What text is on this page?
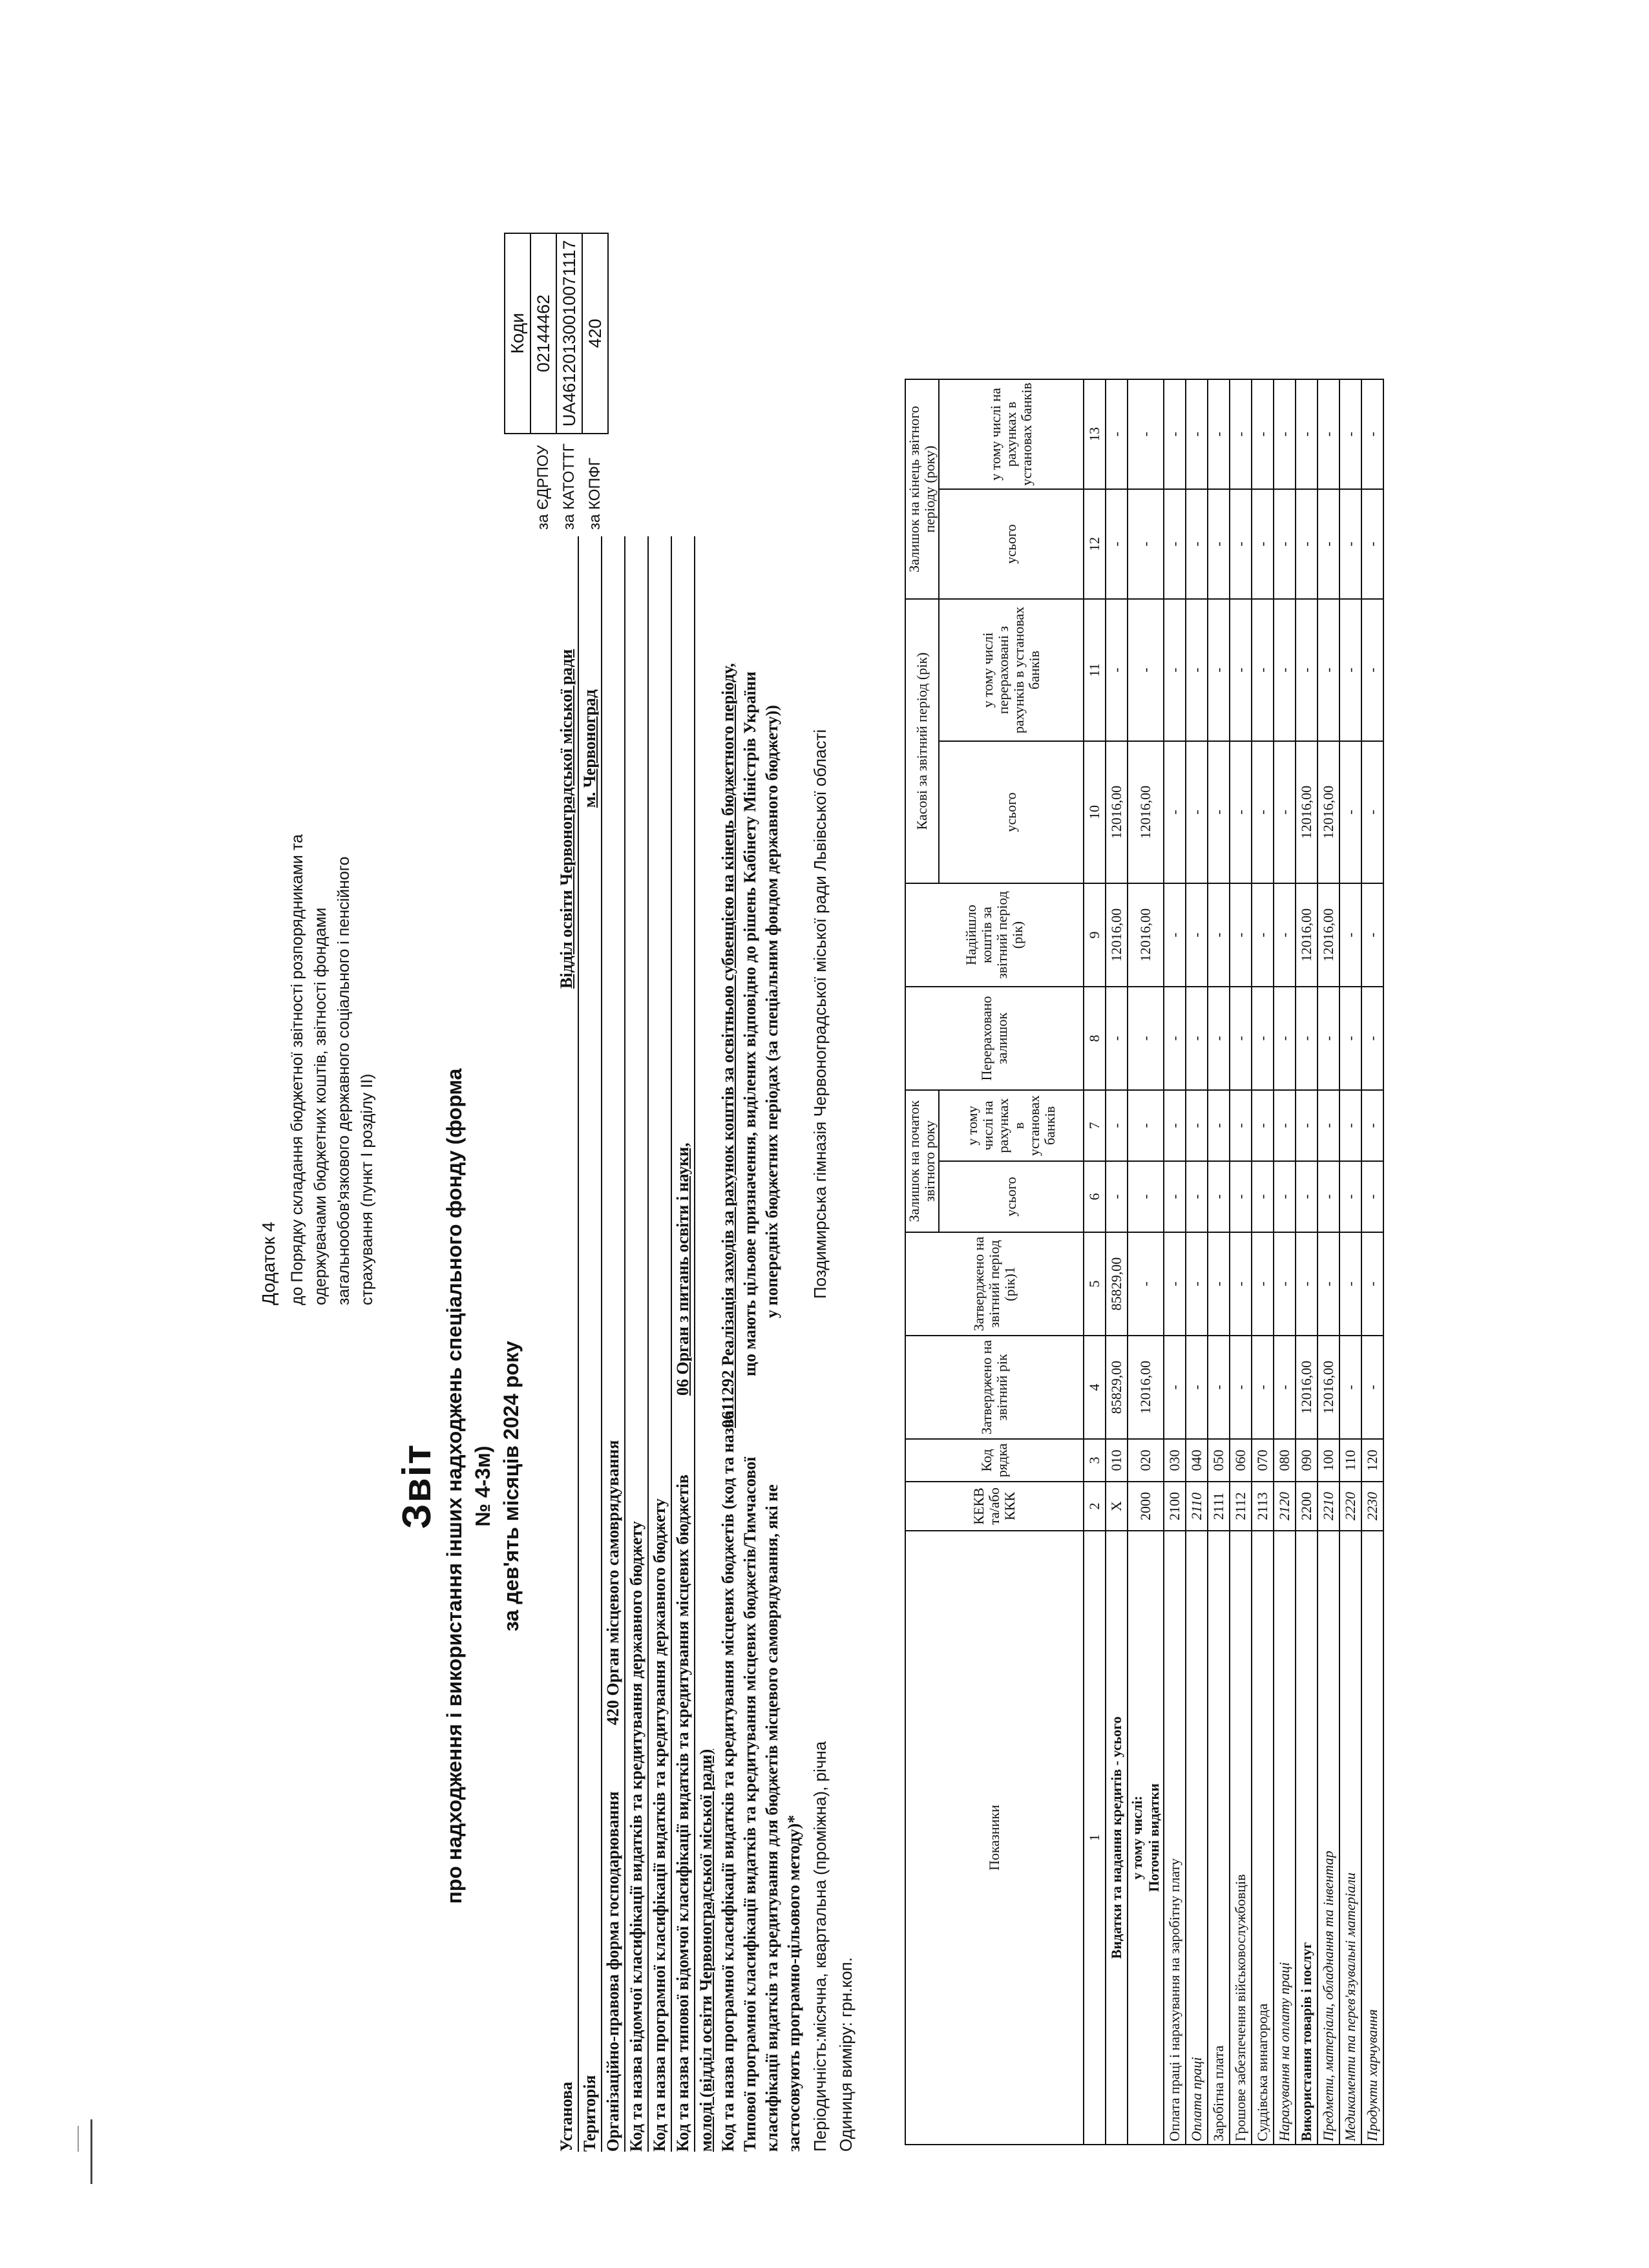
Додаток 4 до Порядку складання бюджетної звітності розпорядниками та одержувачами бюджетних коштів, звітності фондами загальнообов'язкового державного соціального і пенсійного страхування (пункт І розділу ІІ)
Звіт про надходження і використання інших надходжень спеціального фонду (форма № 4-3м) за дев'ять місяців 2024 року
	Коди
за ЄДРПОУ	02144462
за КАТОТТГ	UA46120130010071117
за КОПФГ	420
Установа
Відділ освіти Червоноградської міської ради
Територія
м. Червоноград
Організаційно-правова форма господарювання
420 Орган місцевого самоврядування Код та назва відомчої класифікації видатків та кредитування державного бюджету Код та назва програмної класифікації видатків та кредитування державного бюджету Код та назва типової відомчої класифікації видатків та кредитування місцевих бюджетів
06 Орган з питань освіти і науки,
молоді (відділ освіти Червоноградської міської ради) Код та назва програмної класифікації видатків та кредитування місцевих бюджетів (код та назва
0611292 Реалізація заходів за рахунок коштів за освітньою субвенцією на кінець бюджетного періоду,
Типової програмної класифікації видатків та кредитування місцевих бюджетів/Тимчасової
що мають цільове призначення, виділених відповідно до рішень Кабінету Міністрів України
класифікації видатків та кредитування для бюджетів місцевого самоврядування, які не
у попередніх бюджетних періодах (за спеціальним фондом державного бюджету))
застосовують програмно-цільового методу)* Періодичність:місячна, квартальна (проміжна), річна
Поздимирська гімназія Червоноградської міської ради Львівської області
Одиниця виміру: грн.коп.
Показники	КЕКВ та/або ККК	Код рядка	Затверджено на звітний рік	Затверджено на звітний період (рік)1	Залишок на початок звітного року		Перераховано залишок	Надійшло коштів за звітний період (рік)	Касові за звітний період (рік)		Залишок на кінець звітного періоду (року)	
					усього	у тому числі на рахунках в установах банків			усього	у тому числі перераховані з рахунків в установах банків	усього	у тому числі на рахунках в установах банків
1	2	3	4	5	6	7	8	9	10	11	12	13

Видатки та надання кредитів - усього	X	010	85829,00	85829,00	-	-	-	12016,00	12016,00	-	-	-

у тому числі: Поточні видатки	2000	020	12016,00	-	-	-	-	12016,00	12016,00	-	-	-

Оплата праці і нарахування на заробітну плату	2100	030	-	-	-	-	-	-	-	-	-	-

Оплата праці	2110	040	-	-	-	-	-	-	-	-	-	-

Заробітна плата	2111	050	-	-	-	-	-	-	-	-	-	-

Грошове забезпечення військовослужбовців	2112	060	-	-	-	-	-	-	-	-	-	-

Суддівська винагорода	2113	070	-	-	-	-	-	-	-	-	-	-

Нарахування на оплату праці	2120	080	-	-	-	-	-	-	-	-	-	-

Використання товарів і послуг	2200	090	12016,00	-	-	-	-	12016,00	12016,00	-	-	-

Предмети, матеріали, обладнання та інвентар	2210	100	12016,00	-	-	-	-	12016,00	12016,00	-	-	-

Медикаменти та перев'язувальні матеріали	2220	110	-	-	-	-	-	-	-	-	-	-

Продукти харчування	2230	120	-	-	-	-	-	-	-	-	-	-
